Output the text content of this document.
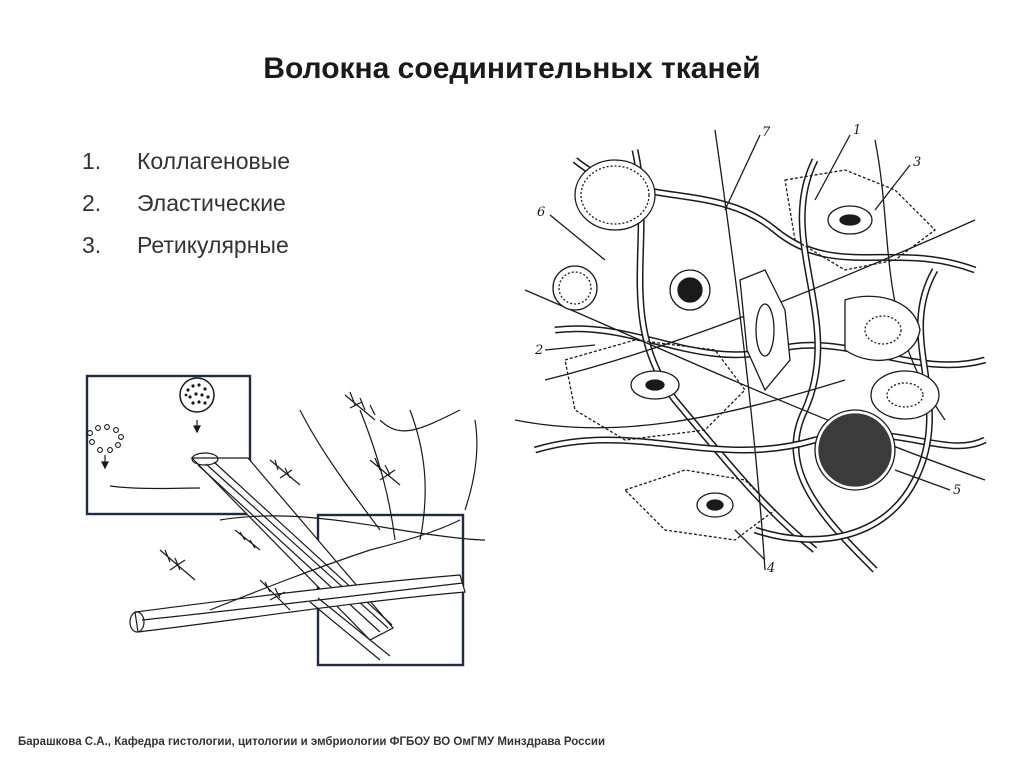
Волокна соединительных тканей
1.	Коллагеновые
2.	Эластические
3.	Ретикулярные
1
2
3
4
5
6
7
Барашкова С.А., Кафедра гистологии, цитологии и эмбриологии ФГБОУ ВО ОмГМУ Минздрава России
